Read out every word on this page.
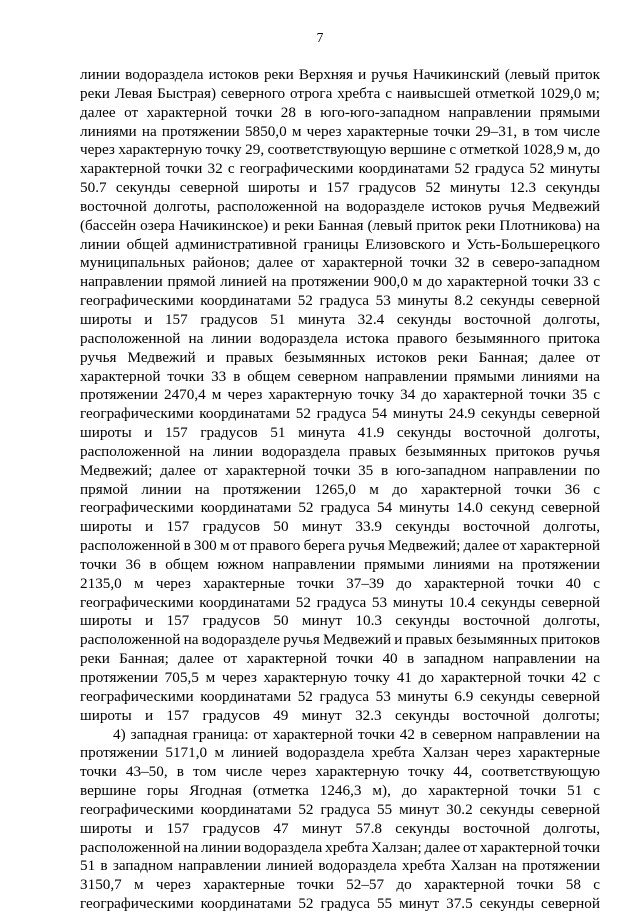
7
линии водораздела истоков реки Верхняя и ручья Начикинский (левый приток
реки Левая Быстрая) северного отрога хребта с наивысшей отметкой 1029,0 м;
далее от характерной точки 28 в юго-юго-западном направлении прямыми
линиями на протяжении 5850,0 м через характерные точки 29–31, в том числе
через характерную точку 29, соответствующую вершине с отметкой 1028,9 м, до
характерной точки 32 с географическими координатами 52 градуса 52 минуты
50.7 секунды северной широты и 157 градусов 52 минуты 12.3 секунды
восточной долготы, расположенной на водоразделе истоков ручья Медвежий
(бассейн озера Начикинское) и реки Банная (левый приток реки Плотникова) на
линии общей административной границы Елизовского и Усть-Большерецкого
муниципальных районов; далее от характерной точки 32 в северо-западном
направлении прямой линией на протяжении 900,0 м до характерной точки 33 с
географическими координатами 52 градуса 53 минуты 8.2 секунды северной
широты и 157 градусов 51 минута 32.4 секунды восточной долготы,
расположенной на линии водораздела истока правого безымянного притока
ручья Медвежий и правых безымянных истоков реки Банная; далее от
характерной точки 33 в общем северном направлении прямыми линиями на
протяжении 2470,4 м через характерную точку 34 до характерной точки 35 с
географическими координатами 52 градуса 54 минуты 24.9 секунды северной
широты и 157 градусов 51 минута 41.9 секунды восточной долготы,
расположенной на линии водораздела правых безымянных притоков ручья
Медвежий; далее от характерной точки 35 в юго-западном направлении по
прямой линии на протяжении 1265,0 м до характерной точки 36 с
географическими координатами 52 градуса 54 минуты 14.0 секунд северной
широты и 157 градусов 50 минут 33.9 секунды восточной долготы,
расположенной в 300 м от правого берега ручья Медвежий; далее от характерной
точки 36 в общем южном направлении прямыми линиями на протяжении
2135,0 м через характерные точки 37–39 до характерной точки 40 с
географическими координатами 52 градуса 53 минуты 10.4 секунды северной
широты и 157 градусов 50 минут 10.3 секунды восточной долготы,
расположенной на водоразделе ручья Медвежий и правых безымянных притоков
реки Банная; далее от характерной точки 40 в западном направлении на
протяжении 705,5 м через характерную точку 41 до характерной точки 42 с
географическими координатами 52 градуса 53 минуты 6.9 секунды северной
широты и 157 градусов 49 минут 32.3 секунды восточной долготы;
4) западная граница: от характерной точки 42 в северном направлении на
протяжении 5171,0 м линией водораздела хребта Халзан через характерные
точки 43–50, в том числе через характерную точку 44, соответствующую
вершине горы Ягодная (отметка 1246,3 м), до характерной точки 51 с
географическими координатами 52 градуса 55 минут 30.2 секунды северной
широты и 157 градусов 47 минут 57.8 секунды восточной долготы,
расположенной на линии водораздела хребта Халзан; далее от характерной точки
51 в западном направлении линией водораздела хребта Халзан на протяжении
3150,7 м через характерные точки 52–57 до характерной точки 58 с
географическими координатами 52 градуса 55 минут 37.5 секунды северной
